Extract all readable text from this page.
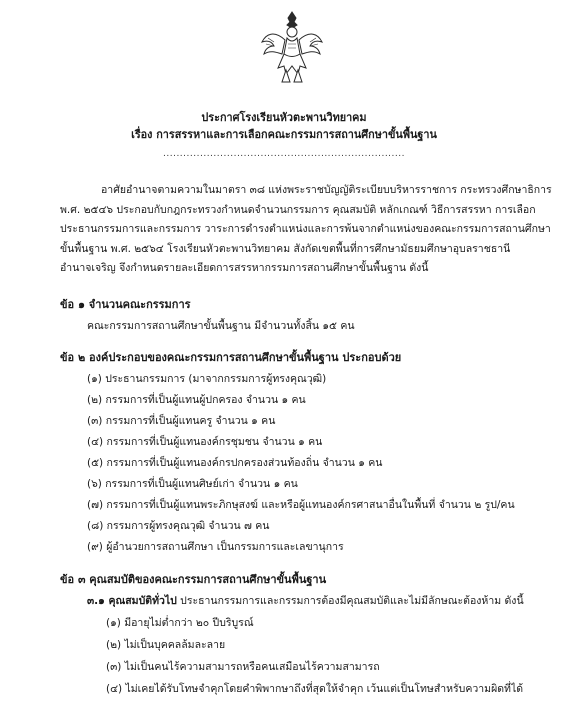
ประกาศโรงเรียนหัวตะพานวิทยาคม
เรื่อง การสรรหาและการเลือกคณะกรรมการสถานศึกษาขั้นพื้นฐาน
........................................................................
อาศัยอำนาจตามความในมาตรา ๓๘ แห่งพระราชบัญญัติระเบียบบริหารราชการ กระทรวงศึกษาธิการ
พ.ศ. ๒๕๔๖ ประกอบกับกฎกระทรวงกำหนดจำนวนกรรมการ คุณสมบัติ หลักเกณฑ์ วิธีการสรรหา การเลือก
ประธานกรรมการและกรรมการ วาระการดำรงตำแหน่งและการพ้นจากตำแหน่งของคณะกรรมการสถานศึกษา
ขั้นพื้นฐาน พ.ศ. ๒๕๖๔ โรงเรียนหัวตะพานวิทยาคม สังกัดเขตพื้นที่การศึกษามัธยมศึกษาอุบลราชธานี
อำนาจเจริญ จึงกำหนดรายละเอียดการสรรหากรรมการสถานศึกษาขั้นพื้นฐาน ดังนี้
ข้อ ๑ จำนวนคณะกรรมการ
คณะกรรมการสถานศึกษาขั้นพื้นฐาน มีจำนวนทั้งสิ้น ๑๕ คน
ข้อ ๒ องค์ประกอบของคณะกรรมการสถานศึกษาขั้นพื้นฐาน ประกอบด้วย
(๑) ประธานกรรมการ (มาจากกรรมการผู้ทรงคุณวุฒิ)
(๒) กรรมการที่เป็นผู้แทนผู้ปกครอง จำนวน ๑ คน
(๓) กรรมการที่เป็นผู้แทนครู จำนวน ๑ คน
(๔) กรรมการที่เป็นผู้แทนองค์กรชุมชน จำนวน ๑ คน
(๕) กรรมการที่เป็นผู้แทนองค์กรปกครองส่วนท้องถิ่น จำนวน ๑ คน
(๖) กรรมการที่เป็นผู้แทนศิษย์เก่า จำนวน ๑ คน
(๗) กรรมการที่เป็นผู้แทนพระภิกษุสงฆ์ และหรือผู้แทนองค์กรศาสนาอื่นในพื้นที่ จำนวน ๒ รูป/คน
(๘) กรรมการผู้ทรงคุณวุฒิ จำนวน ๗ คน
(๙) ผู้อำนวยการสถานศึกษา เป็นกรรมการและเลขานุการ
ข้อ ๓ คุณสมบัติของคณะกรรมการสถานศึกษาขั้นพื้นฐาน
๓.๑ คุณสมบัติทั่วไป ประธานกรรมการและกรรมการต้องมีคุณสมบัติและไม่มีลักษณะต้องห้าม ดังนี้
(๑) มีอายุไม่ต่ำกว่า ๒๐ ปีบริบูรณ์
(๒) ไม่เป็นบุคคลล้มละลาย
(๓) ไม่เป็นคนไร้ความสามารถหรือคนเสมือนไร้ความสามารถ
(๔) ไม่เคยได้รับโทษจำคุกโดยคำพิพากษาถึงที่สุดให้จำคุก เว้นแต่เป็นโทษสำหรับความผิดที่ได้
